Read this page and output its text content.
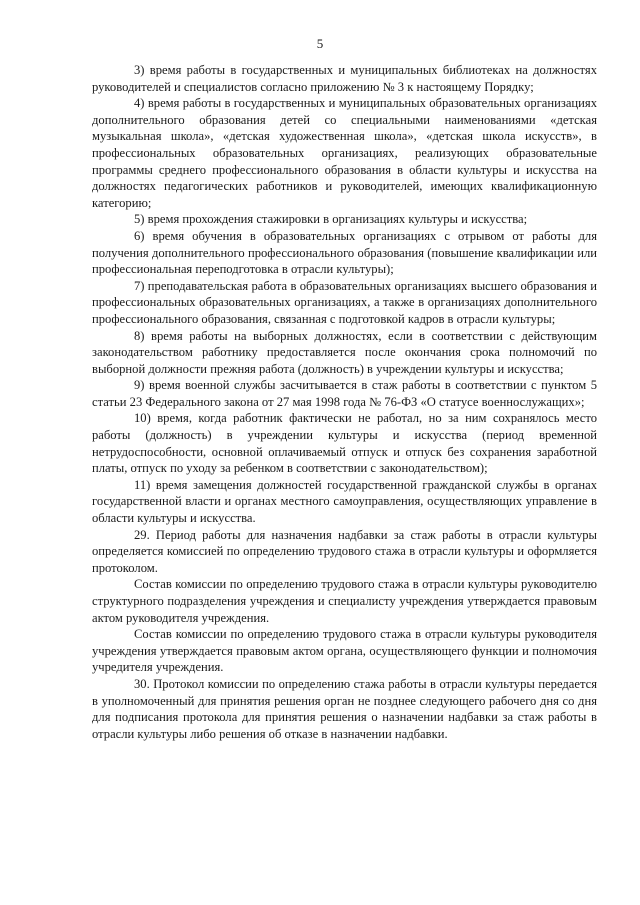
5

3) время работы в государственных и муниципальных библиотеках на должностях руководителей и специалистов согласно приложению № 3 к настоящему Порядку;

4) время работы в государственных и муниципальных образовательных организациях дополнительного образования детей со специальными наименованиями «детская музыкальная школа», «детская художественная школа», «детская школа искусств», в профессиональных образовательных организациях, реализующих образовательные программы среднего профессионального образования в области культуры и искусства на должностях педагогических работников и руководителей, имеющих квалификационную категорию;

5) время прохождения стажировки в организациях культуры и искусства;

6) время обучения в образовательных организациях с отрывом от работы для получения дополнительного профессионального образования (повышение квалификации или профессиональная переподготовка в отрасли культуры);

7) преподавательская работа в образовательных организациях высшего образования и профессиональных образовательных организациях, а также в организациях дополнительного профессионального образования, связанная с подготовкой кадров в отрасли культуры;

8) время работы на выборных должностях, если в соответствии с действующим законодательством работнику предоставляется после окончания срока полномочий по выборной должности прежняя работа (должность) в учреждении культуры и искусства;

9) время военной службы засчитывается в стаж работы в соответствии с пунктом 5 статьи 23 Федерального закона от 27 мая 1998 года № 76-ФЗ «О статусе военнослужащих»;

10) время, когда работник фактически не работал, но за ним сохранялось место работы (должность) в учреждении культуры и искусства (период временной нетрудоспособности, основной оплачиваемый отпуск и отпуск без сохранения заработной платы, отпуск по уходу за ребенком в соответствии с законодательством);

11) время замещения должностей государственной гражданской службы в органах государственной власти и органах местного самоуправления, осуществляющих управление в области культуры и искусства.

29. Период работы для назначения надбавки за стаж работы в отрасли культуры определяется комиссией по определению трудового стажа в отрасли культуры и оформляется протоколом.

Состав комиссии по определению трудового стажа в отрасли культуры руководителю структурного подразделения учреждения и специалисту учреждения утверждается правовым актом руководителя учреждения.

Состав комиссии по определению трудового стажа в отрасли культуры руководителя учреждения утверждается правовым актом органа, осуществляющего функции и полномочия учредителя учреждения.

30. Протокол комиссии по определению стажа работы в отрасли культуры передается в уполномоченный для принятия решения орган не позднее следующего рабочего дня со дня для подписания протокола для принятия решения о назначении надбавки за стаж работы в отрасли культуры либо решения об отказе в назначении надбавки.
